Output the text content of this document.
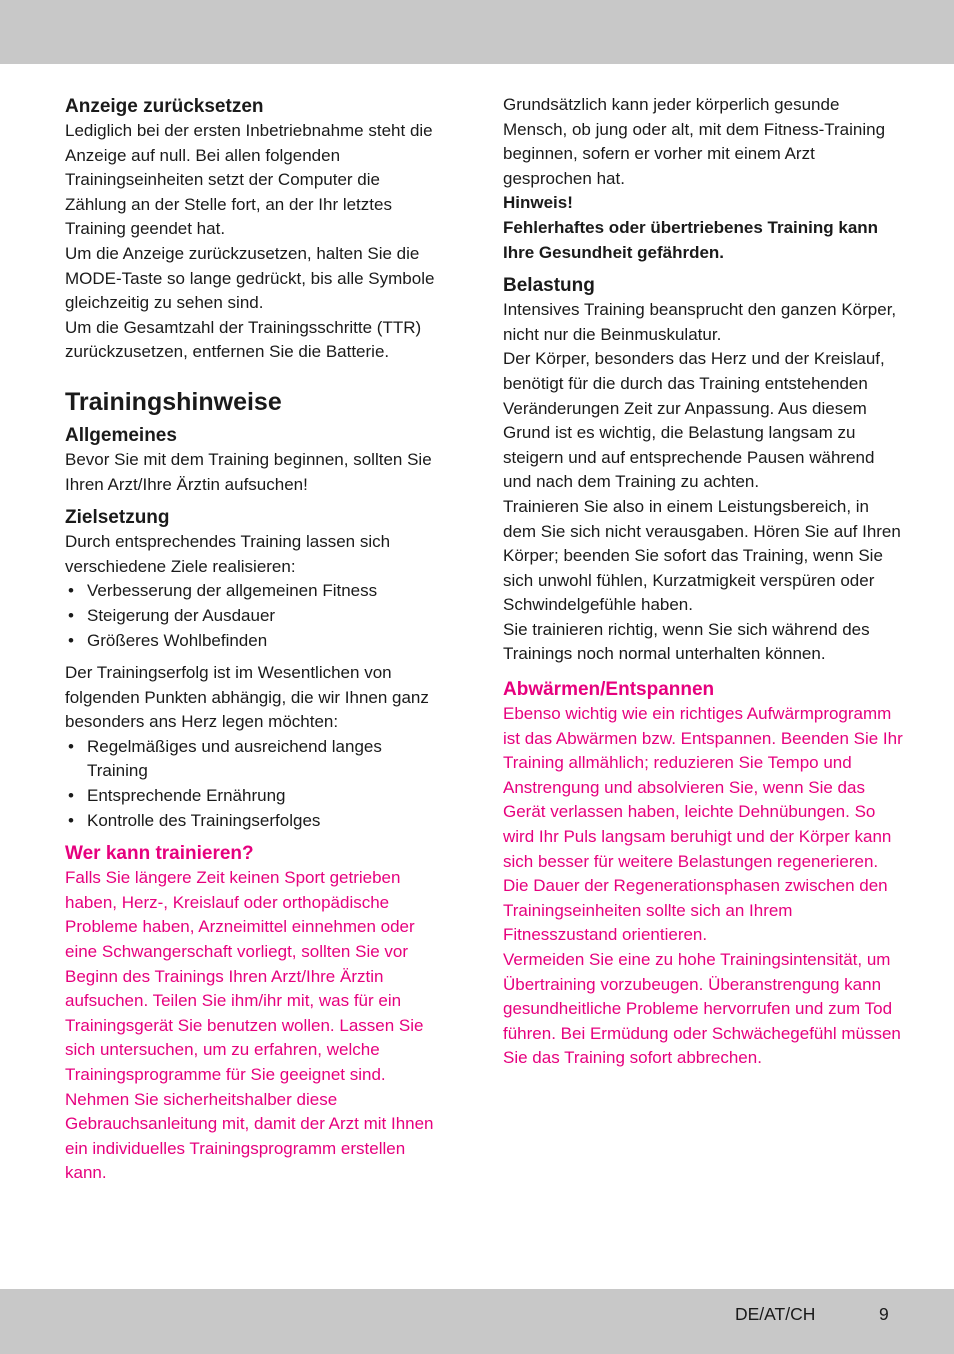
Anzeige zurücksetzen

Lediglich bei der ersten Inbetriebnahme steht die Anzeige auf null. Bei allen folgenden Trainingseinheiten setzt der Computer die Zählung an der Stelle fort, an der Ihr letztes Training geendet hat.

Um die Anzeige zurückzusetzen, halten Sie die MODE-Taste so lange gedrückt, bis alle Symbole gleichzeitig zu sehen sind.

Um die Gesamtzahl der Trainingsschritte (TTR) zurückzusetzen, entfernen Sie die Batterie.

Trainingshinweise

Allgemeines

Bevor Sie mit dem Training beginnen, sollten Sie Ihren Arzt/Ihre Ärztin aufsuchen!

Zielsetzung

Durch entsprechendes Training lassen sich verschiedene Ziele realisieren:

• Verbesserung der allgemeinen Fitness
• Steigerung der Ausdauer
• Größeres Wohlbefinden

Der Trainingserfolg ist im Wesentlichen von folgenden Punkten abhängig, die wir Ihnen ganz besonders ans Herz legen möchten:

• Regelmäßiges und ausreichend langes Training
• Entsprechende Ernährung
• Kontrolle des Trainingserfolges

Wer kann trainieren?

Falls Sie längere Zeit keinen Sport getrieben haben, Herz-, Kreislauf oder orthopädische Probleme haben, Arzneimittel einnehmen oder eine Schwangerschaft vorliegt, sollten Sie vor Beginn des Trainings Ihren Arzt/Ihre Ärztin aufsuchen. Teilen Sie ihm/ihr mit, was für ein Trainingsgerät Sie benutzen wollen. Lassen Sie sich untersuchen, um zu erfahren, welche Trainingsprogramme für Sie geeignet sind. Nehmen Sie sicherheitshalber diese Gebrauchsanleitung mit, damit der Arzt mit Ihnen ein individuelles Trainingsprogramm erstellen kann.

Grundsätzlich kann jeder körperlich gesunde Mensch, ob jung oder alt, mit dem Fitness-Training beginnen, sofern er vorher mit einem Arzt gesprochen hat.

Hinweis!

Fehlerhaftes oder übertriebenes Training kann Ihre Gesundheit gefährden.

Belastung

Intensives Training beansprucht den ganzen Körper, nicht nur die Beinmuskulatur.

Der Körper, besonders das Herz und der Kreislauf, benötigt für die durch das Training entstehenden Veränderungen Zeit zur Anpassung. Aus diesem Grund ist es wichtig, die Belastung langsam zu steigern und auf entsprechende Pausen während und nach dem Training zu achten.

Trainieren Sie also in einem Leistungsbereich, in dem Sie sich nicht verausgaben. Hören Sie auf Ihren Körper; beenden Sie sofort das Training, wenn Sie sich unwohl fühlen, Kurzatmigkeit verspüren oder Schwindelgefühle haben.

Sie trainieren richtig, wenn Sie sich während des Trainings noch normal unterhalten können.

Abwärmen/Entspannen

Ebenso wichtig wie ein richtiges Aufwärmprogramm ist das Abwärmen bzw. Entspannen. Beenden Sie Ihr Training allmählich; reduzieren Sie Tempo und Anstrengung und absolvieren Sie, wenn Sie das Gerät verlassen haben, leichte Dehnübungen. So wird Ihr Puls langsam beruhigt und der Körper kann sich besser für weitere Belastungen regenerieren.

Die Dauer der Regenerationsphasen zwischen den Trainingseinheiten sollte sich an Ihrem Fitnesszustand orientieren.

Vermeiden Sie eine zu hohe Trainingsintensität, um Übertraining vorzubeugen. Überanstrengung kann gesundheitliche Probleme hervorrufen und zum Tod führen. Bei Ermüdung oder Schwächegefühl müssen Sie das Training sofort abbrechen.

DE/AT/CH	9
